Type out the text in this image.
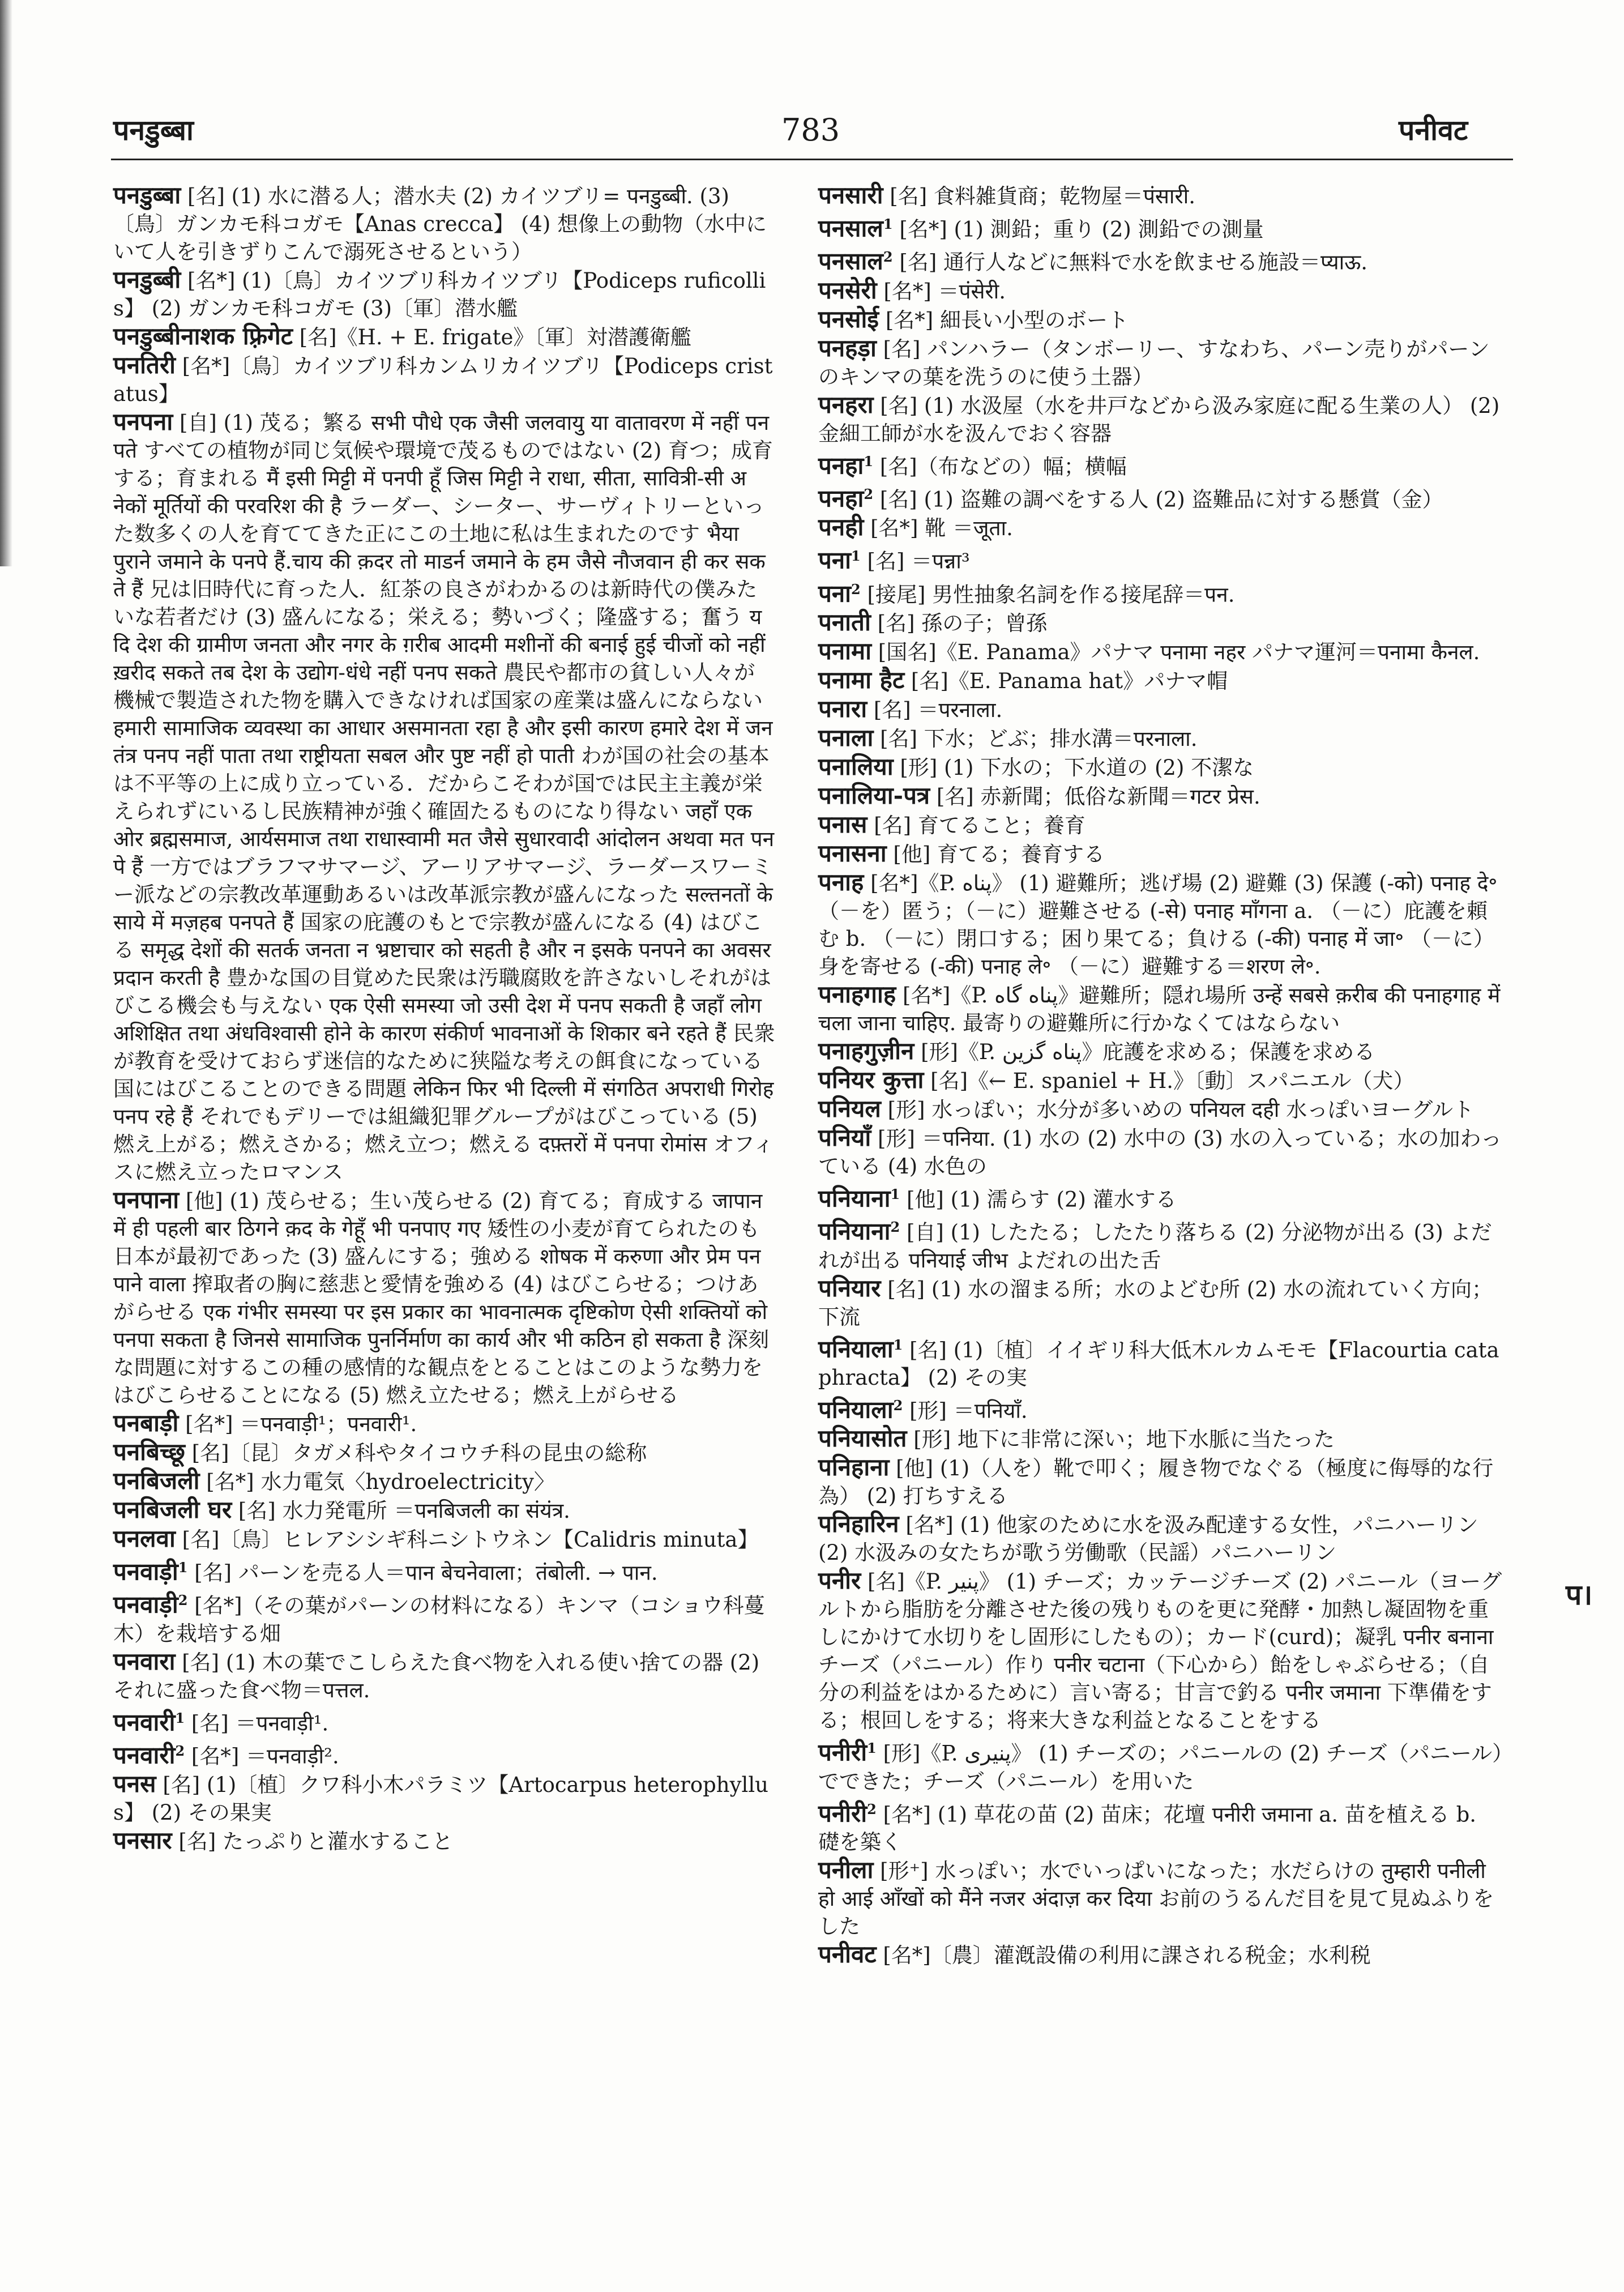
पनडुब्बा	783	पनीवट

पनडुब्बा [名] (1) 水に潜る人；潜水夫 (2) カイツブリ= पनडुब्बी. (3)〔鳥〕ガンカモ科コガモ【Anas crecca】 (4) 想像上の動物（水中にいて人を引きずりこんで溺死させるという）

पनडुब्बी [名*] (1)〔鳥〕カイツブリ科カイツブリ【Podiceps ruficollis】 (2) ガンカモ科コガモ (3)〔軍〕潜水艦

पनडुब्बीनाशक फ़्रिगेट [名]《H. + E. frigate》〔軍〕対潜護衛艦

पनतिरी [名*]〔鳥〕カイツブリ科カンムリカイツブリ【Podiceps cristatus】

पनपना [自] (1) 茂る；繁る सभी पौधे एक जैसी जलवायु या वातावरण में नहीं पनपते すべての植物が同じ気候や環境で茂るものではない (2) 育つ；成育する；育まれる मैं इसी मिट्टी में पनपी हूँ जिस मिट्टी ने राधा, सीता, सावित्री-सी अनेकों मूर्तियों की परवरिश की है ラーダー、シーター、サーヴィトリーといった数多くの人を育ててきた正にこの土地に私は生まれたのです भैया पुराने जमाने के पनपे हैं.चाय की क़दर तो माडर्न जमाने के हम जैसे नौजवान ही कर सकते हैं 兄は旧時代に育った人．紅茶の良さがわかるのは新時代の僕みたいな若者だけ (3) 盛んになる；栄える；勢いづく；隆盛する；奮う यदि देश की ग्रामीण जनता और नगर के ग़रीब आदमी मशीनों की बनाई हुई चीजों को नहीं ख़रीद सकते तब देश के उद्योग-धंधे नहीं पनप सकते 農民や都市の貧しい人々が機械で製造された物を購入できなければ国家の産業は盛んにならない हमारी सामाजिक व्यवस्था का आधार असमानता रहा है और इसी कारण हमारे देश में जनतंत्र पनप नहीं पाता तथा राष्ट्रीयता सबल और पुष्ट नहीं हो पाती わが国の社会の基本は不平等の上に成り立っている．だからこそわが国では民主主義が栄えられずにいるし民族精神が強く確固たるものになり得ない जहाँ एक ओर ब्रह्मसमाज, आर्यसमाज तथा राधास्वामी मत जैसे सुधारवादी आंदोलन अथवा मत पनपे हैं 一方ではブラフマサマージ、アーリアサマージ、ラーダースワーミー派などの宗教改革運動あるいは改革派宗教が盛んになった सल्तनतों के साये में मज़हब पनपते हैं 国家の庇護のもとで宗教が盛んになる (4) はびこる समृद्ध देशों की सतर्क जनता न भ्रष्टाचार को सहती है और न इसके पनपने का अवसर प्रदान करती है 豊かな国の目覚めた民衆は汚職腐敗を許さないしそれがはびこる機会も与えない एक ऐसी समस्या जो उसी देश में पनप सकती है जहाँ लोग अशिक्षित तथा अंधविश्वासी होने के कारण संकीर्ण भावनाओं के शिकार बने रहते हैं 民衆が教育を受けておらず迷信的なために狭隘な考えの餌食になっている国にはびこることのできる問題 लेकिन फिर भी दिल्ली में संगठित अपराधी गिरोह पनप रहे हैं それでもデリーでは組織犯罪グループがはびこっている (5) 燃え上がる；燃えさかる；燃え立つ；燃える दफ़्तरों में पनपा रोमांस オフィスに燃え立ったロマンス

पनपाना [他] (1) 茂らせる；生い茂らせる (2) 育てる；育成する जापान में ही पहली बार ठिगने क़द के गेहूँ भी पनपाए गए 矮性の小麦が育てられたのも日本が最初であった (3) 盛んにする；強める शोषक में करुणा और प्रेम पनपाने वाला 搾取者の胸に慈悲と愛情を強める (4) はびこらせる；つけあがらせる एक गंभीर समस्या पर इस प्रकार का भावनात्मक दृष्टिकोण ऐसी शक्तियों को पनपा सकता है जिनसे सामाजिक पुनर्निर्माण का कार्य और भी कठिन हो सकता है 深刻な問題に対するこの種の感情的な観点をとることはこのような勢力をはびこらせることになる (5) 燃え立たせる；燃え上がらせる

पनबाड़ी [名*] ＝पनवाड़ी¹；पनवारी¹.

पनबिच्छू [名]〔昆〕タガメ科やタイコウチ科の昆虫の総称

पनबिजली [名*] 水力電気〈hydroelectricity〉

पनबिजली घर [名] 水力発電所 ＝पनबिजली का संयंत्र.

पनलवा [名]〔鳥〕ヒレアシシギ科ニシトウネン【Calidris minuta】

पनवाड़ी$^1$ [名] パーンを売る人＝पान बेचनेवाला；तंबोली. → पान.

पनवाड़ी$^2$ [名*]（その葉がパーンの材料になる）キンマ（コショウ科蔓木）を栽培する畑

पनवारा [名] (1) 木の葉でこしらえた食べ物を入れる使い捨ての器 (2) それに盛った食べ物＝पत्तल.

पनवारी$^1$ [名] ＝पनवाड़ी¹.

पनवारी$^2$ [名*] ＝पनवाड़ी².

पनस [名] (1)〔植〕クワ科小木パラミツ【Artocarpus heterophyllus】 (2) その果実

पनसार [名] たっぷりと灌水すること

पनसारी [名] 食料雑貨商；乾物屋＝पंसारी.

पनसाल$^1$ [名*] (1) 測鉛；重り (2) 測鉛での測量

पनसाल$^2$ [名] 通行人などに無料で水を飲ませる施設＝प्याऊ.

पनसेरी [名*] ＝पंसेरी.

पनसोई [名*] 細長い小型のボート

पनहड़ा [名] パンハラー（タンボーリー、すなわち、パーン売りがパーンのキンマの葉を洗うのに使う土器）

पनहरा [名] (1) 水汲屋（水を井戸などから汲み家庭に配る生業の人） (2) 金細工師が水を汲んでおく容器

पनहा$^1$ [名]（布などの）幅；横幅

पनहा$^2$ [名] (1) 盗難の調べをする人 (2) 盗難品に対する懸賞（金）

पनही [名*] 靴 ＝जूता.

पना$^1$ [名] ＝पन्ना³

पना$^2$ [接尾] 男性抽象名詞を作る接尾辞＝पन.

पनाती [名] 孫の子；曾孫

पनामा [国名]《E. Panama》パナマ पनामा नहर パナマ運河＝पनामा कैनल.

पनामा हैट [名]《E. Panama hat》パナマ帽

पनारा [名] ＝परनाला.

पनाला [名] 下水；どぶ；排水溝＝परनाला.

पनालिया [形] (1) 下水の；下水道の (2) 不潔な

पनालिया-पत्र [名] 赤新聞；低俗な新聞＝गटर प्रेस.

पनास [名] 育てること；養育

पनासना [他] 育てる；養育する

पनाह [名*]《P. پناه》 (1) 避難所；逃げ場 (2) 避難 (3) 保護 (-को) पनाह दे॰ （－を）匿う；（－に）避難させる (-से) पनाह माँगना a. （－に）庇護を頼む b. （－に）閉口する；困り果てる；負ける (-की) पनाह में जा॰ （－に）身を寄せる (-की) पनाह ले॰ （－に）避難する＝शरण ले॰.

पनाहगाह [名*]《P. پناه گاه》避難所；隠れ場所 उन्हें सबसे क़रीब की पनाहगाह में चला जाना चाहिए. 最寄りの避難所に行かなくてはならない

पनाहगुज़ीन [形]《P. پناه گزین》庇護を求める；保護を求める

पनियर कुत्ता [名]《← E. spaniel + H.》〔動〕スパニエル（犬）

पनियल [形] 水っぽい；水分が多いめの पनियल दही 水っぽいヨーグルト

पनियाँ [形] ＝पनिया. (1) 水の (2) 水中の (3) 水の入っている；水の加わっている (4) 水色の

पनियाना$^1$ [他] (1) 濡らす (2) 灌水する

पनियाना$^2$ [自] (1) したたる；したたり落ちる (2) 分泌物が出る (3) よだれが出る पनियाई जीभ よだれの出た舌

पनियार [名] (1) 水の溜まる所；水のよどむ所 (2) 水の流れていく方向；下流

पनियाला$^1$ [名] (1)〔植〕イイギリ科大低木ルカムモモ【Flacourtia cataphracta】 (2) その実

पनियाला$^2$ [形] ＝पनियाँ.

पनियासोत [形] 地下に非常に深い；地下水脈に当たった

पनिहाना [他] (1)（人を）靴で叩く；履き物でなぐる（極度に侮辱的な行為） (2) 打ちすえる

पनिहारिन [名*] (1) 他家のために水を汲み配達する女性，パニハーリン (2) 水汲みの女たちが歌う労働歌（民謡）パニハーリン

पनीर [名]《P. پنیر》 (1) チーズ；カッテージチーズ (2) パニール（ヨーグルトから脂肪を分離させた後の残りものを更に発酵・加熱し凝固物を重しにかけて水切りをし固形にしたもの）；カード(curd)；凝乳 पनीर बनाना チーズ（パニール）作り पनीर चटाना（下心から）飴をしゃぶらせる；（自分の利益をはかるために）言い寄る；甘言で釣る पनीर जमाना 下準備をする；根回しをする；将来大きな利益となることをする

पनीरी$^1$ [形]《P. پنیری》 (1) チーズの；パニールの (2) チーズ（パニール）でできた；チーズ（パニール）を用いた

पनीरी$^2$ [名*] (1) 草花の苗 (2) 苗床；花壇 पनीरी जमाना a. 苗を植える b. 礎を築く

पनीला [形⁺] 水っぽい；水でいっぱいになった；水だらけの तुम्हारी पनीली हो आई आँखों को मैंने नजर अंदाज़ कर दिया お前のうるんだ目を見て見ぬふりをした

पनीवट [名*]〔農〕灌漑設備の利用に課される税金；水利税

प।
